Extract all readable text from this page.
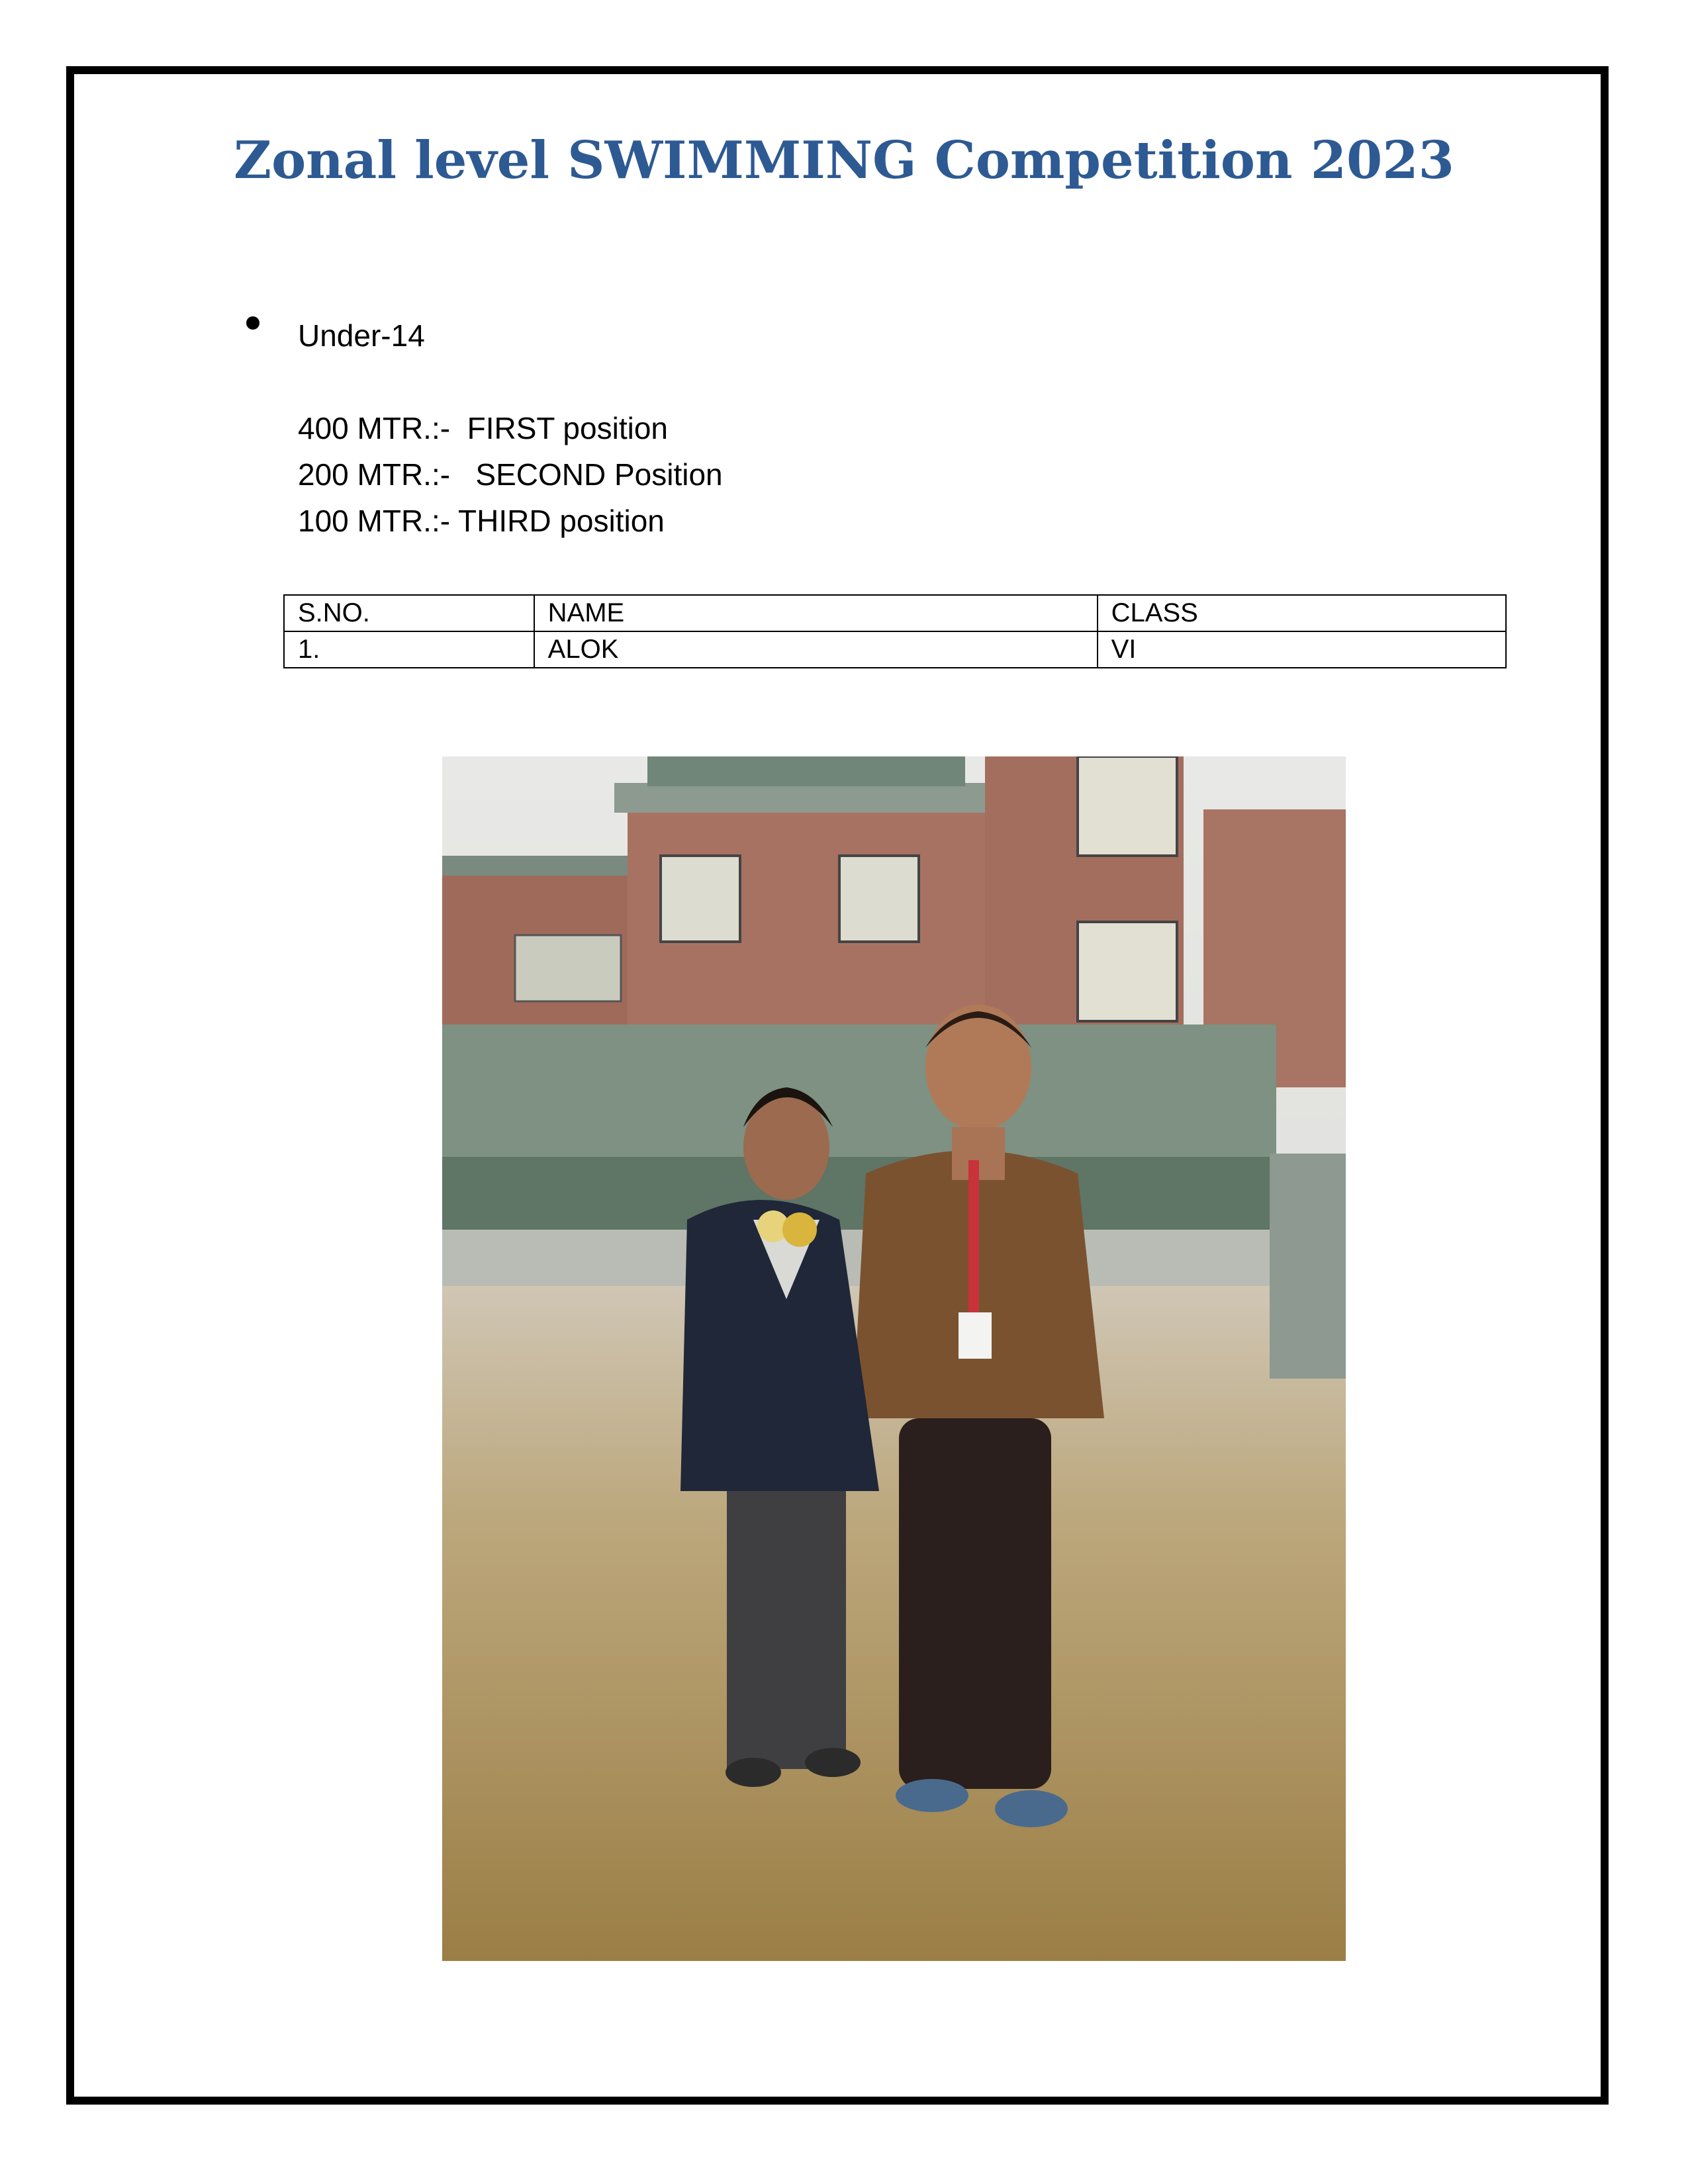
Zonal level SWIMMING Competition 2023
Under-14
400 MTR.:-  FIRST position
200 MTR.:-   SECOND Position
100 MTR.:- THIRD position
S.NO.	NAME	CLASS
1.	ALOK	VI
